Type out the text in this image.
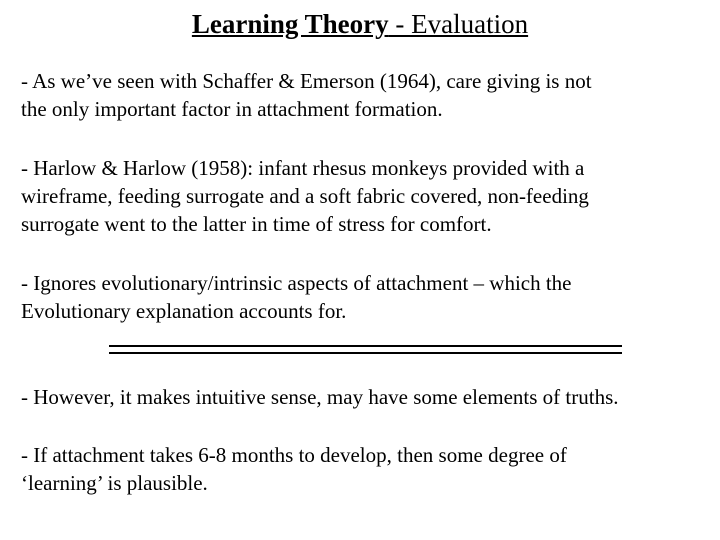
Learning Theory - Evaluation
- As we’ve seen with Schaffer & Emerson (1964), care giving is not
the only important factor in attachment formation.
- Harlow & Harlow (1958): infant rhesus monkeys provided with a
wireframe, feeding surrogate and a soft fabric covered, non-feeding
surrogate went to the latter in time of stress for comfort.
- Ignores evolutionary/intrinsic aspects of attachment – which the
Evolutionary explanation accounts for.
- However, it makes intuitive sense, may have some elements of truths.
- If attachment takes 6-8 months to develop, then some degree of
‘learning’ is plausible.
